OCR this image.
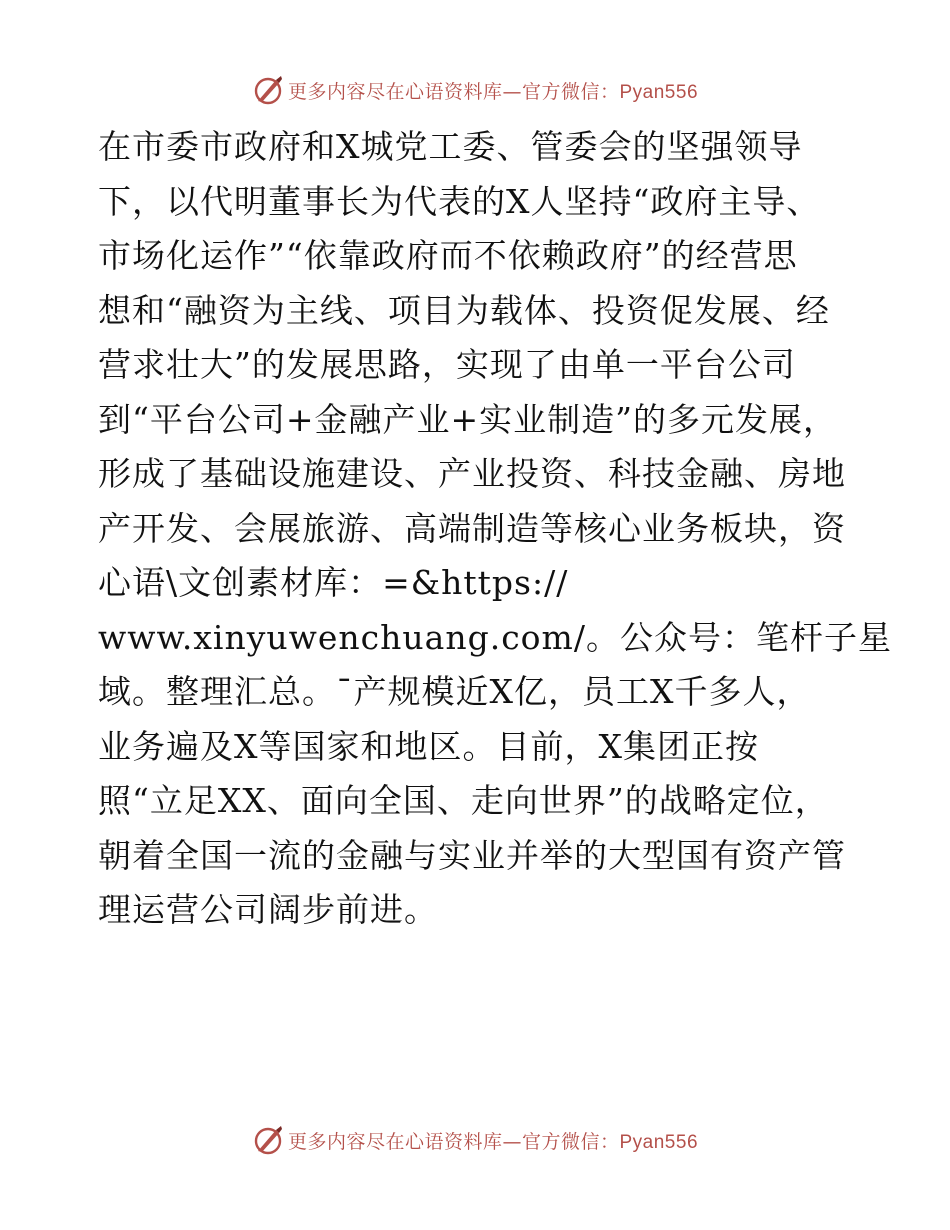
更多内容尽在心语资料库—官方微信：Pyan556
在市委市政府和X城党工委、管委会的坚强领导
下，以代明董事长为代表的X人坚持“政府主导、
市场化运作”“依靠政府而不依赖政府”的经营思
想和“融资为主线、项目为载体、投资促发展、经
营求壮大”的发展思路，实现了由单一平台公司
到“平台公司+金融产业+实业制造”的多元发展，
形成了基础设施建设、产业投资、科技金融、房地
产开发、会展旅游、高端制造等核心业务板块，资
心语\文创素材库：=&https://
www.xinyuwenchuang.com/。公众号：笔杆子星
域。整理汇总。¯产规模近X亿，员工X千多人，
业务遍及X等国家和地区。目前，X集团正按
照“立足XX、面向全国、走向世界”的战略定位，
朝着全国一流的金融与实业并举的大型国有资产管
理运营公司阔步前进。
更多内容尽在心语资料库—官方微信：Pyan556
